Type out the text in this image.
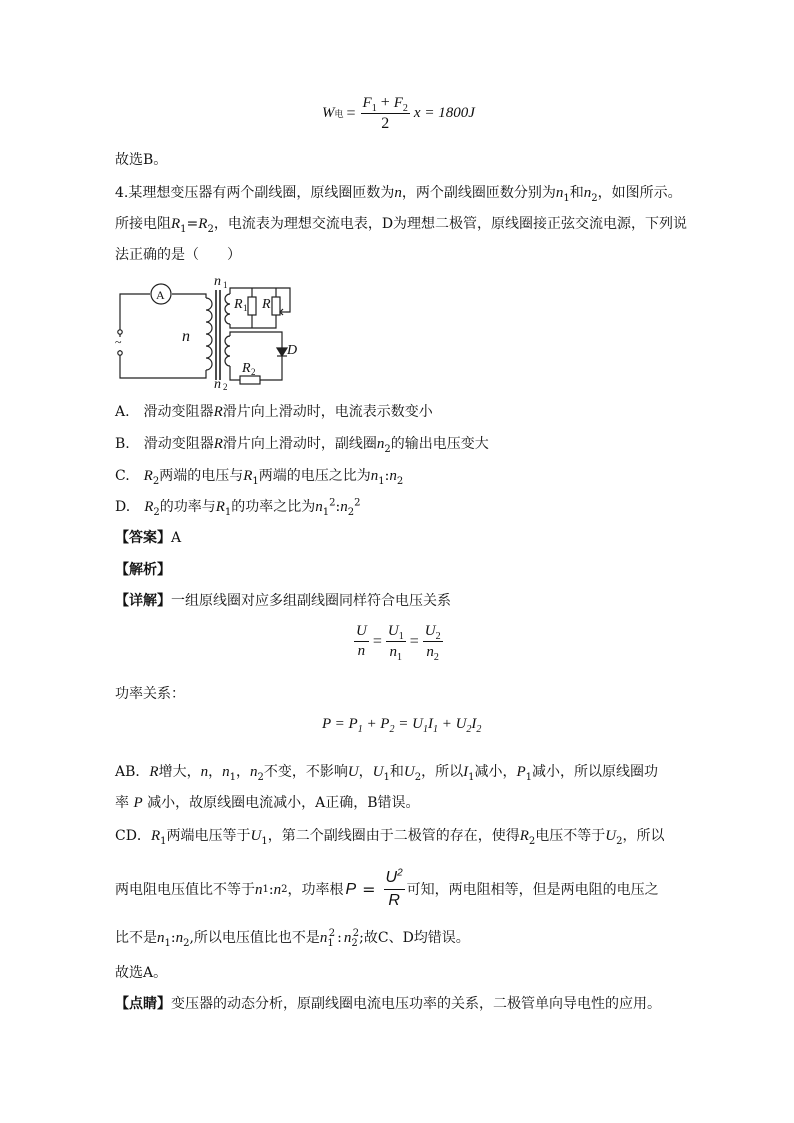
W 电 = $\frac{F_1 + F_2}{2}$ x = 1800J
故选B。
4.某理想变压器有两个副线圈，原线圈匝数为n，两个副线圈匝数分别为$n_1$和$n_2$，如图所示。
所接电阻$R_1=R_2$，电流表为理想交流电表，D为理想二极管，原线圈接正弦交流电源，下列说
法正确的是（　　）
A
n 1
n
R 1 R
D
R 2
n 2
~
A.　滑动变阻器R滑片向上滑动时，电流表示数变小
B.　滑动变阻器R滑片向上滑动时，副线圈$n_2$的输出电压变大
C.　$R_2$两端的电压与$R_1$两端的电压之比为$n_1:n_2$
D.　$R_2$的功率与$R_1$的功率之比为$n_1^2:n_2^2$
【答案】A
【解析】
【详解】一组原线圈对应多组副线圈同样符合电压关系
$\frac{U}{n} = \frac{U_1}{n_1} = \frac{U_2}{n_2}$
功率关系：
$P = P_1 + P_2 = U_1I_1 + U_2I_2$
AB．R增大，n，$n_1$，$n_2$不变，不影响U，$U_1$和$U_2$，所以$I_1$减小，$P_1$减小，所以原线圈功
率 P 减小，故原线圈电流减小，A正确，B错误。
CD．$R_1$两端电压等于$U_1$，第二个副线圈由于二极管的存在，使得$R_2$电压不等于$U_2$，所以
两电阻电压值比不等于 n 1 : n 2 ，功率根 $P = \frac{U^2}{R}$ 可知，两电阻相等，但是两电阻的电压之
比不是$n_1:n_2$,所以电压值比也不是$n_1^2$ : $n_2^2$;故C、D均错误。
故选A。
【点睛】变压器的动态分析，原副线圈电流电压功率的关系，二极管单向导电性的应用。
